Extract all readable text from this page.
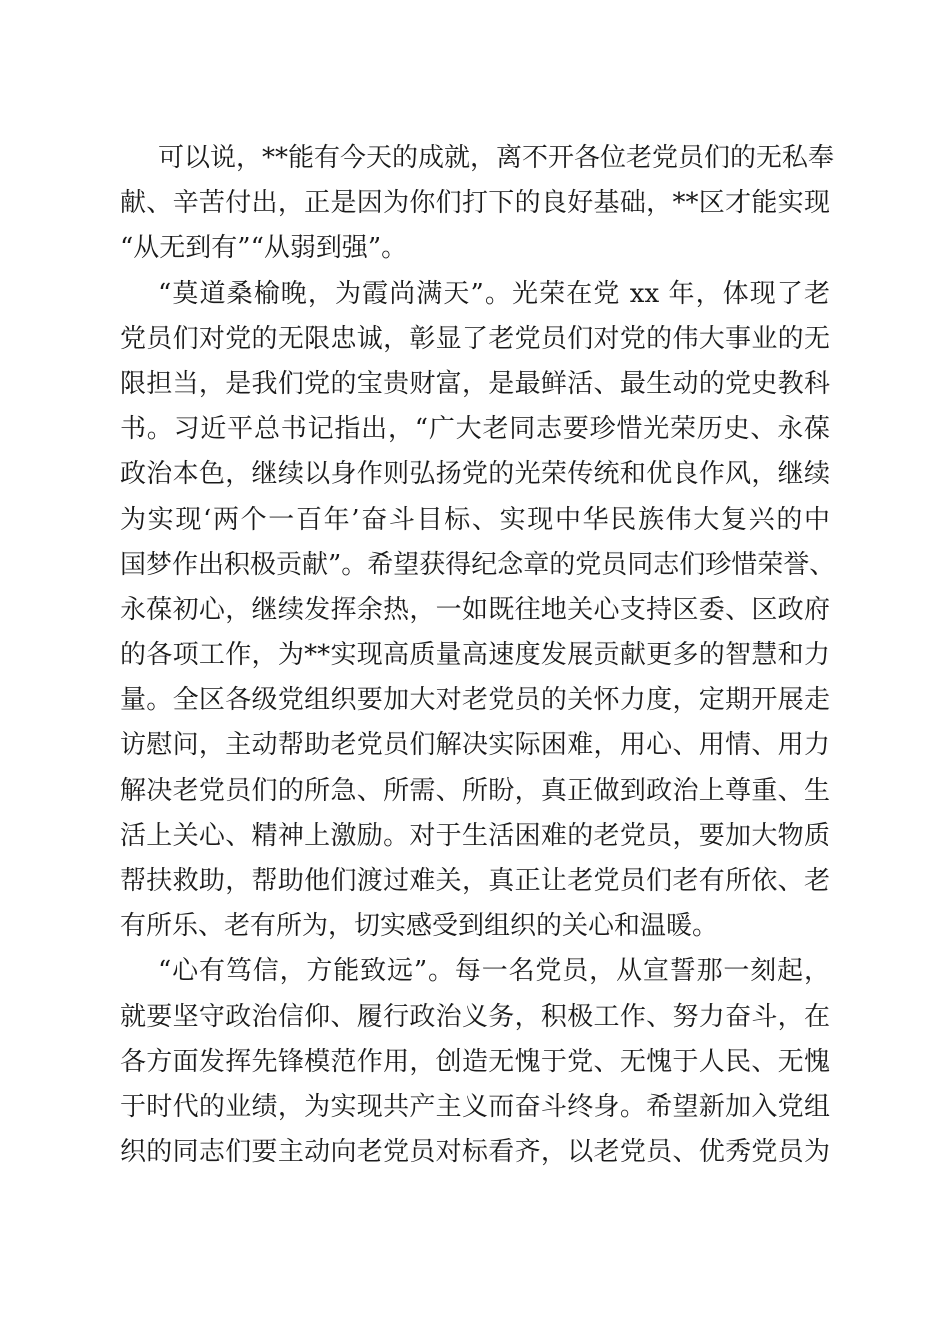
可以说，**能有今天的成就，离不开各位老党员们的无私奉
献、辛苦付出，正是因为你们打下的良好基础，**区才能实现
“从无到有”“从弱到强”。
“莫道桑榆晚，为霞尚满天”。光荣在党 xx 年，体现了老
党员们对党的无限忠诚，彰显了老党员们对党的伟大事业的无
限担当，是我们党的宝贵财富，是最鲜活、最生动的党史教科
书。习近平总书记指出，“广大老同志要珍惜光荣历史、永葆
政治本色，继续以身作则弘扬党的光荣传统和优良作风，继续
为实现‘两个一百年’奋斗目标、实现中华民族伟大复兴的中
国梦作出积极贡献”。希望获得纪念章的党员同志们珍惜荣誉、
永葆初心，继续发挥余热，一如既往地关心支持区委、区政府
的各项工作，为**实现高质量高速度发展贡献更多的智慧和力
量。全区各级党组织要加大对老党员的关怀力度，定期开展走
访慰问，主动帮助老党员们解决实际困难，用心、用情、用力
解决老党员们的所急、所需、所盼，真正做到政治上尊重、生
活上关心、精神上激励。对于生活困难的老党员，要加大物质
帮扶救助，帮助他们渡过难关，真正让老党员们老有所依、老
有所乐、老有所为，切实感受到组织的关心和温暖。
“心有笃信，方能致远”。每一名党员，从宣誓那一刻起，
就要坚守政治信仰、履行政治义务，积极工作、努力奋斗，在
各方面发挥先锋模范作用，创造无愧于党、无愧于人民、无愧
于时代的业绩，为实现共产主义而奋斗终身。希望新加入党组
织的同志们要主动向老党员对标看齐，以老党员、优秀党员为
